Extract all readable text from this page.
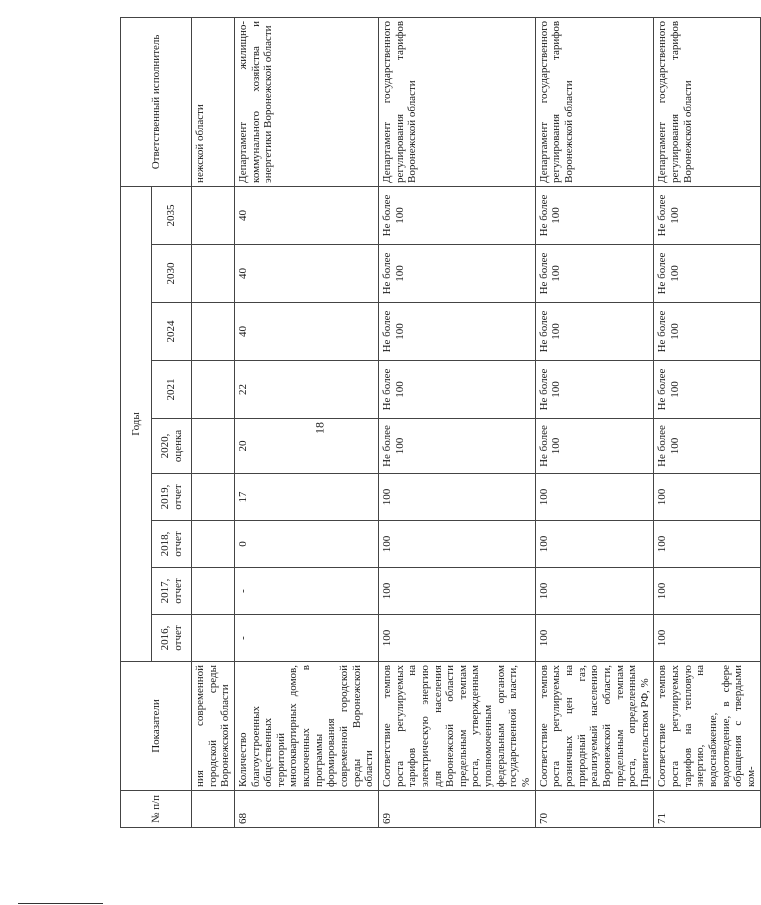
18
№ п/п	Показатели	Годы									Ответственный исполнитель
		2016, отчет	2017, отчет	2018, отчет	2019, отчет	2020, оценка	2021	2024	2030	2035	
	ния современной городской среды Воронежской области										нежской области
68	Количество благоустроенных общественных территорий многоквартирных домов, включенных в программы формирования современной городской среды Воронежской области	-	-	0	17	20	22	40	40	40	Департамент жилищно-коммунального хозяйства и энергетики Воронежской области
69	Соответствие темпов роста регулируемых тарифов на электрическую энергию для населения Воронежской области предельным темпам роста, утвержденным уполномоченным федеральным органом государственной власти, %	100	100	100	100	Не более 100	Не более 100	Не более 100	Не более 100	Не более 100	Департамент государственного регулирования тарифов Воронежской области
70	Соответствие темпов роста регулируемых розничных цен на природный газ, реализуемый населению Воронежской области, предельным темпам роста, определенным Правительством РФ, %	100	100	100	100	Не более 100	Не более 100	Не более 100	Не более 100	Не более 100	Департамент государственного регулирования тарифов Воронежской области
71	Соответствие темпов роста регулируемых тарифов на тепловую энергию, на водоснабжение, водоотведение, в сфере обращения с твердыми ком-	100	100	100	100	Не более 100	Не более 100	Не более 100	Не более 100	Не более 100	Департамент государственного регулирования тарифов Воронежской области
